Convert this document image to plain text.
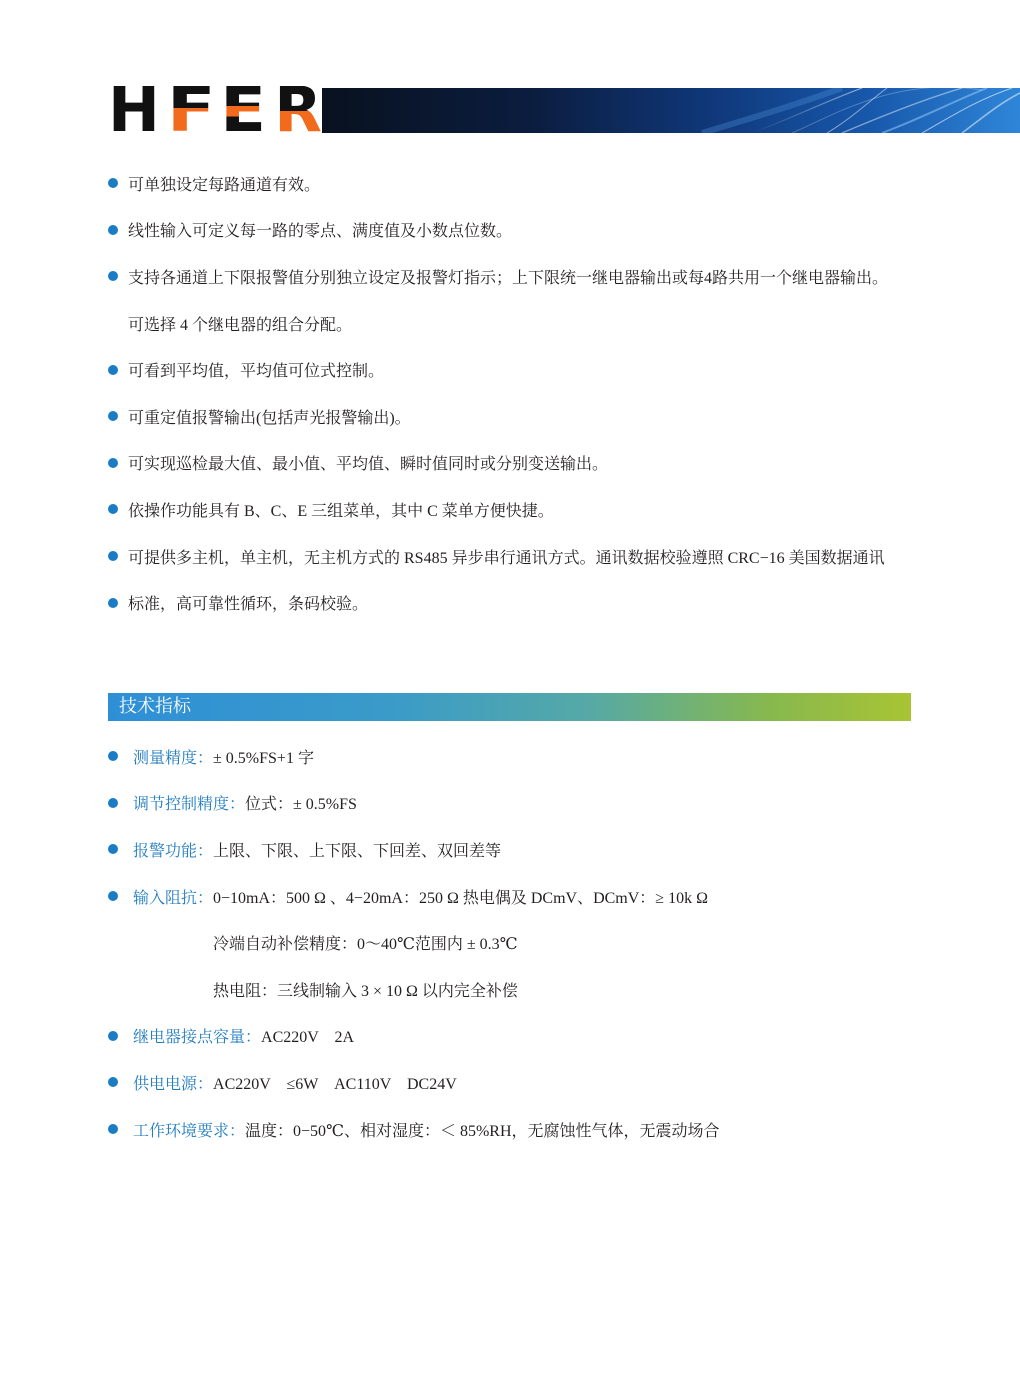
H F E R
可单独设定每路通道有效。
线性输入可定义每一路的零点、满度值及小数点位数。
支持各通道上下限报警值分别独立设定及报警灯指示；上下限统一继电器输出或每4路共用一个继电器输出。
可选择 4 个继电器的组合分配。
可看到平均值，平均值可位式控制。
可重定值报警输出(包括声光报警输出)。
可实现巡检最大值、最小值、平均值、瞬时值同时或分别变送输出。
依操作功能具有 B、C、E 三组菜单，其中 C 菜单方便快捷。
可提供多主机，单主机，无主机方式的 RS485 异步串行通讯方式。通讯数据校验遵照 CRC−16 美国数据通讯
标准，高可靠性循环，条码校验。
技术指标
测量精度： ± 0.5%FS+1 字
调节控制精度： 位式：± 0.5%FS
报警功能： 上限、下限、上下限、下回差、双回差等
输入阻抗： 0−10mA：500 Ω 、4−20mA：250 Ω 热电偶及 DCmV、DCmV：≥ 10k Ω
冷端自动补偿精度：0～40℃范围内 ± 0.3℃
热电阻：三线制输入 3 × 10 Ω 以内完全补偿
继电器接点容量： AC220V　2A
供电电源： AC220V　≤6W　AC110V　DC24V
工作环境要求： 温度：0−50℃、相对湿度：＜ 85%RH，无腐蚀性气体，无震动场合
